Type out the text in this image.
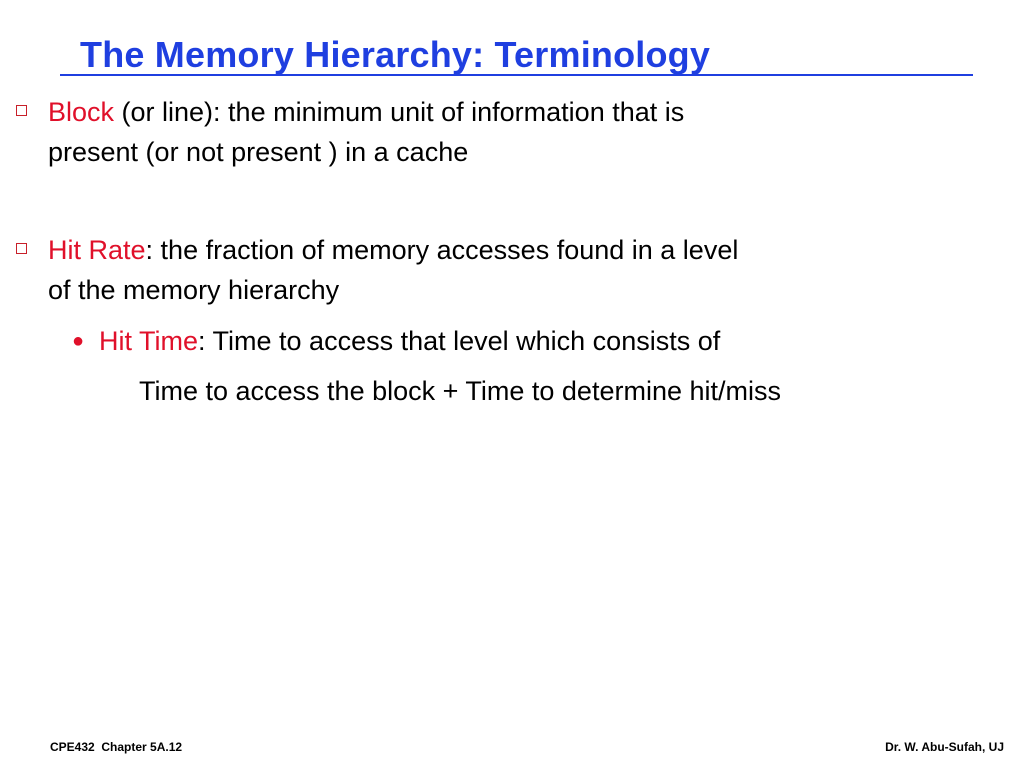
The Memory Hierarchy: Terminology
Block (or line): the minimum unit of information that is
present (or not present ) in a cache
Hit Rate: the fraction of memory accesses found in a level
of the memory hierarchy
● Hit Time: Time to access that level which consists of
Time to access the block + Time to determine hit/miss
CPE432  Chapter 5A.12	Dr. W. Abu-Sufah, UJ
